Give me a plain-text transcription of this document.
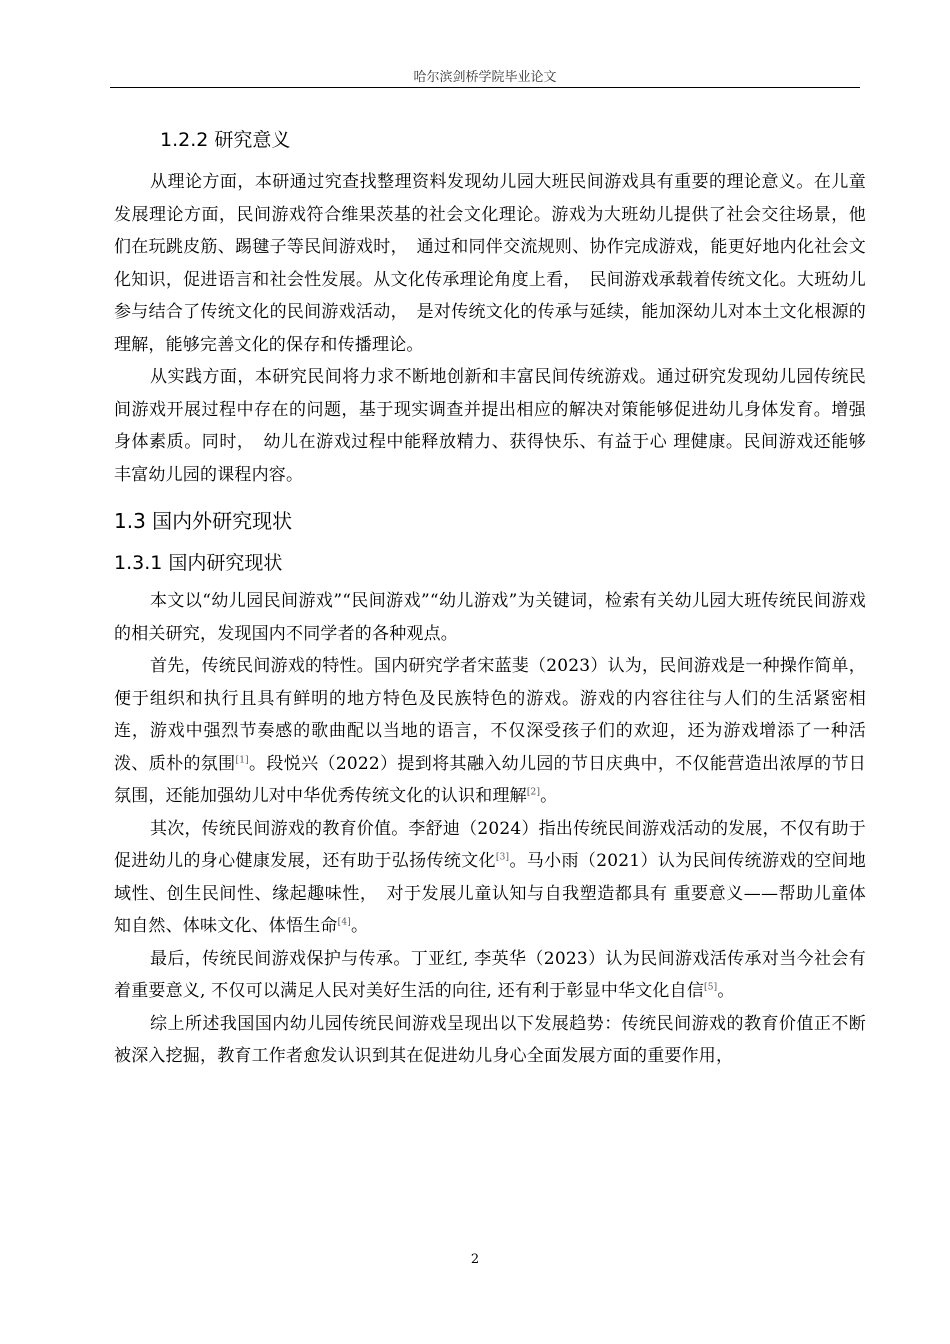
哈尔滨剑桥学院毕业论文
1.2.2 研究意义

从理论方面，本研通过究查找整理资料发现幼儿园大班民间游戏具有重要的理论意义。在儿童发展理论方面，民间游戏符合维果茨基的社会文化理论。游戏为大班幼儿提供了社会交往场景，他们在玩跳皮筋、踢毽子等民间游戏时，　通过和同伴交流规则、协作完成游戏，能更好地内化社会文化知识，促进语言和社会性发展。从文化传承理论角度上看，　民间游戏承载着传统文化。大班幼儿参与结合了传统文化的民间游戏活动，　是对传统文化的传承与延续，能加深幼儿对本土文化根源的理解，能够完善文化的保存和传播理论。

从实践方面，本研究民间将力求不断地创新和丰富民间传统游戏。通过研究发现幼儿园传统民间游戏开展过程中存在的问题，基于现实调查并提出相应的解决对策能够促进幼儿身体发育。增强身体素质。同时，　幼儿在游戏过程中能释放精力、获得快乐、有益于心 理健康。民间游戏还能够丰富幼儿园的课程内容。

1.3 国内外研究现状
1.3.1 国内研究现状

本文以“幼儿园民间游戏”“民间游戏”“幼儿游戏”为关键词，检索有关幼儿园大班传统民间游戏的相关研究，发现国内不同学者的各种观点。

首先，传统民间游戏的特性。国内研究学者宋蓝斐（2023）认为，民间游戏是一种操作简单，便于组织和执行且具有鲜明的地方特色及民族特色的游戏。游戏的内容往往与人们的生活紧密相连，游戏中强烈节奏感的歌曲配以当地的语言，不仅深受孩子们的欢迎，还为游戏增添了一种活泼、质朴的氛围[1]。段悦兴（2022）提到将其融入幼儿园的节日庆典中，不仅能营造出浓厚的节日氛围，还能加强幼儿对中华优秀传统文化的认识和理解[2]。

其次，传统民间游戏的教育价值。李舒迪（2024）指出传统民间游戏活动的发展，不仅有助于促进幼儿的身心健康发展，还有助于弘扬传统文化[3]。马小雨（2021）认为民间传统游戏的空间地域性、创生民间性、缘起趣味性，　对于发展儿童认知与自我塑造都具有 重要意义——帮助儿童体知自然、体味文化、体悟生命[4]。

最后，传统民间游戏保护与传承。丁亚红, 李英华（2023）认为民间游戏活传承对当今社会有着重要意义, 不仅可以满足人民对美好生活的向往, 还有利于彰显中华文化自信[5]。

综上所述我国国内幼儿园传统民间游戏呈现出以下发展趋势：传统民间游戏的教育价值正不断被深入挖掘，教育工作者愈发认识到其在促进幼儿身心全面发展方面的重要作用，

2
